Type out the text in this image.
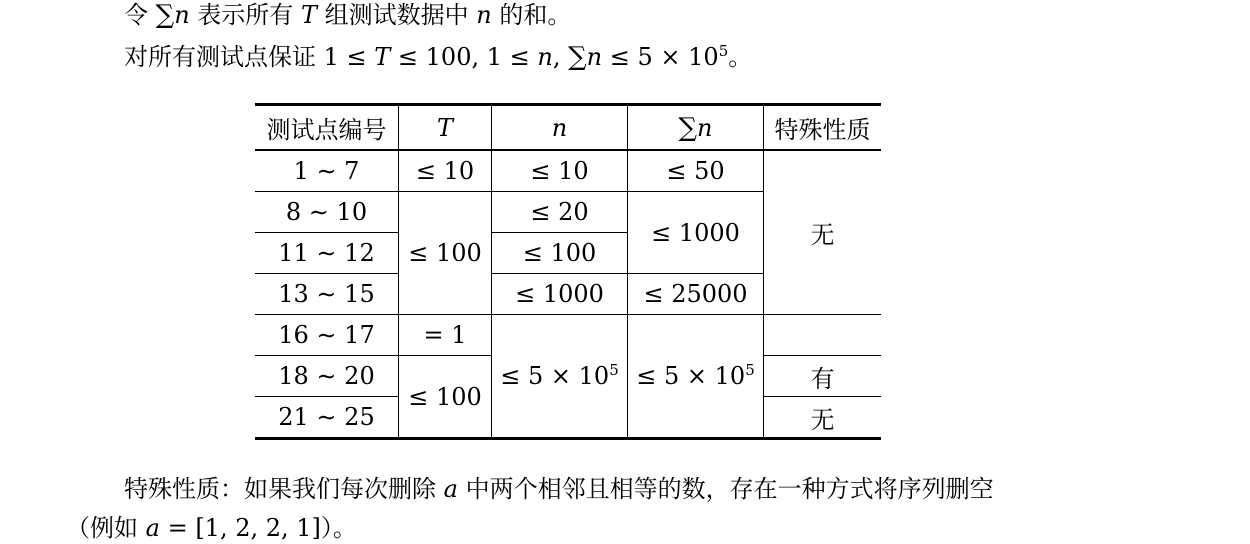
令 ∑n 表示所有 T 组测试数据中 n 的和。
对所有测试点保证 1 ≤ T ≤ 100, 1 ≤ n, $\sum n \le 5 \times 10^5$。
测试点编号	T	n	∑n	特殊性质
1 ∼ 7	≤ 10	≤ 10	≤ 50	无
8 ∼ 10	≤ 100	≤ 20	≤ 1000	
11 ∼ 12		≤ 100		
13 ∼ 15		≤ 1000	≤ 25000	
16 ∼ 17	= 1	≤ $5 \times 10^5$	≤ $5 \times 10^5$	
18 ∼ 20	≤ 100			有
21 ∼ 25				无
特殊性质：如果我们每次删除 a 中两个相邻且相等的数，存在一种方式将序列删空
（例如 a = [1, 2, 2, 1]）。
